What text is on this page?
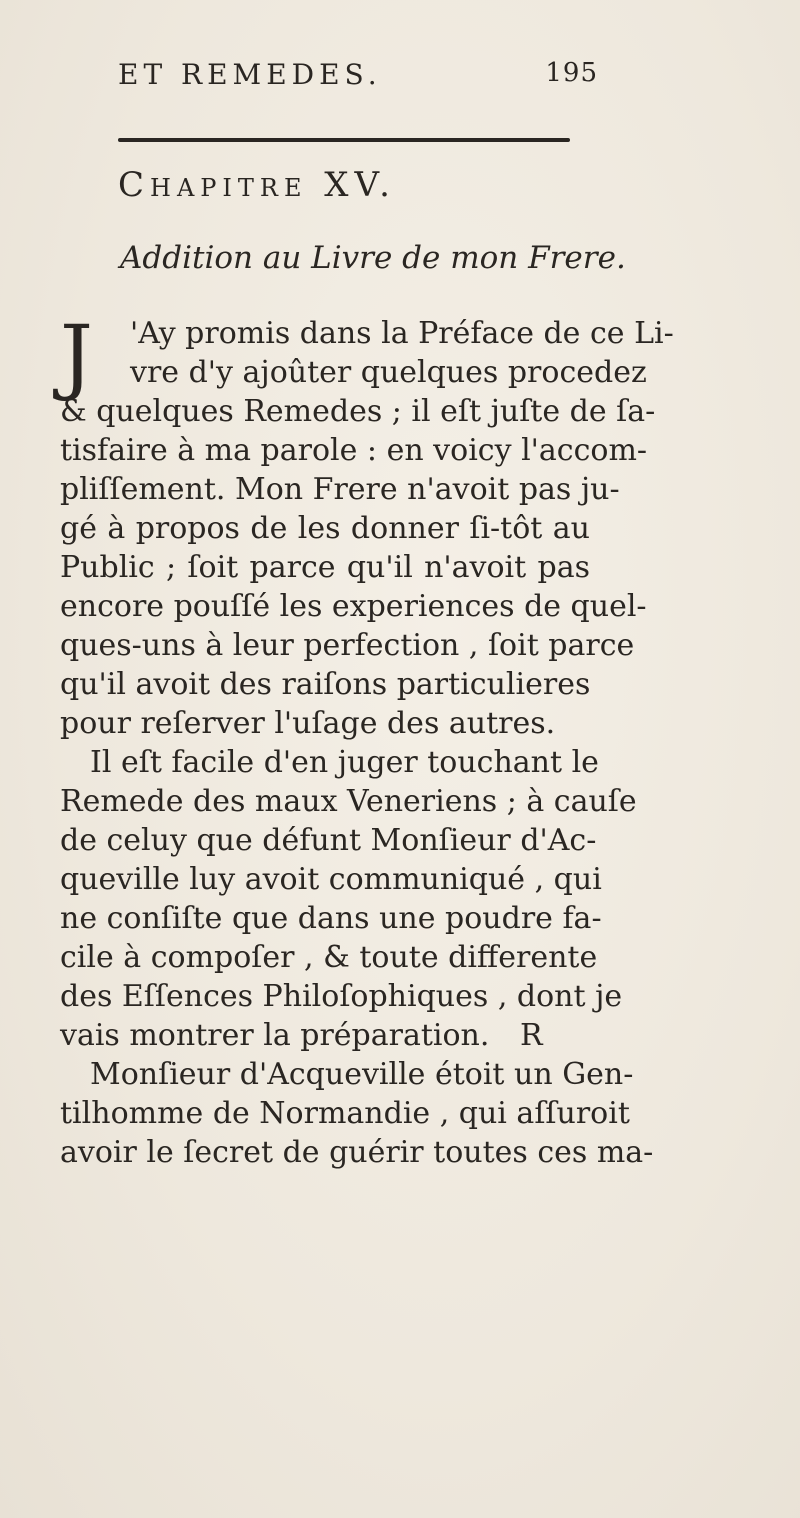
ET REMEDES.	195
Chapitre XV.
Addition au Livre de mon Frere.
J	'Ay promis dans la Préface de ce Li-
vre d'y ajoûter quelques procedez
& quelques Remedes ; il eſt juſte de ſa-
tisfaire à ma parole : en voicy l'accom-
pliſſement. Mon Frere n'avoit pas ju-
gé à propos de les donner ſi-tôt au
Public ; ſoit parce qu'il n'avoit pas
encore pouſſé les experiences de quel-
ques-uns à leur perfection , ſoit parce
qu'il avoit des raiſons particulieres
pour reſerver l'uſage des autres.
Il eſt facile d'en juger touchant le
Remede des maux Veneriens ; à cauſe
de celuy que défunt Monſieur d'Ac-
queville luy avoit communiqué , qui
ne conſiſte que dans une poudre fa-
cile à compoſer , & toute differente
des Eſſences Philoſophiques , dont je
vais montrer la préparation.
Monſieur d'Acqueville étoit un Gen-
tilhomme de Normandie , qui aſſuroit
avoir le ſecret de guérir toutes ces ma-
R
